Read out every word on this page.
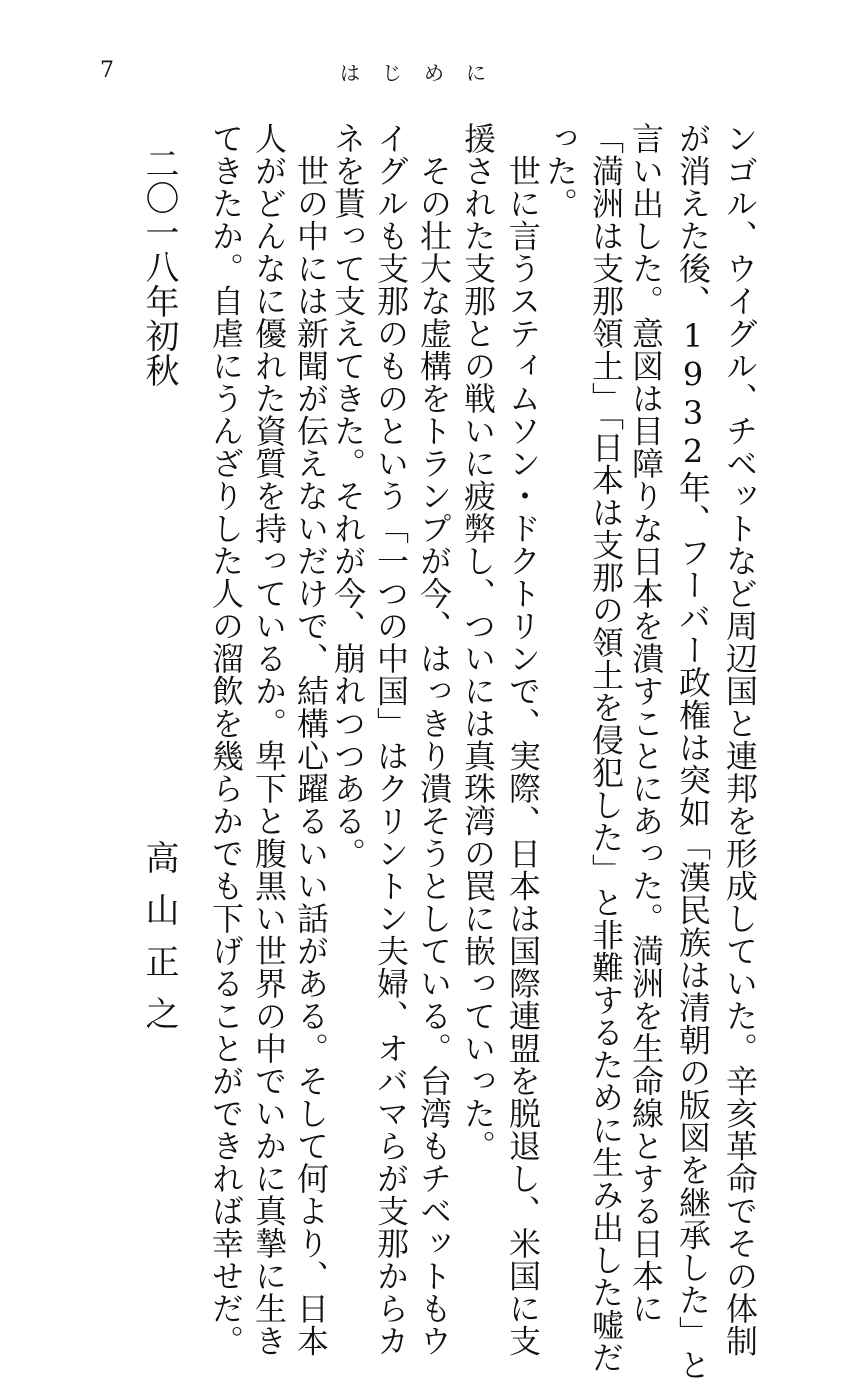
7	はじめに
ンゴル、ウイグル、チベットなど周辺国と連邦を形成していた。辛亥革命でその体制
が消えた後、1932年、フーバー政権は突如「漢民族は清朝の版図を継承した」と
言い出した。意図は目障りな日本を潰すことにあった。満洲を生命線とする日本に
「満洲は支那領土」「日本は支那の領土を侵犯した」と非難するために生み出した嘘だ
った。
　世に言うスティムソン・ドクトリンで、実際、日本は国際連盟を脱退し、米国に支
援された支那との戦いに疲弊し、ついには真珠湾の罠に嵌っていった。
　その壮大な虚構をトランプが今、はっきり潰そうとしている。台湾もチベットもウ
イグルも支那のものという「一つの中国」はクリントン夫婦、オバマらが支那からカ
ネを貰って支えてきた。それが今、崩れつつある。
　世の中には新聞が伝えないだけで、結構心躍るいい話がある。そして何より、日本
人がどんなに優れた資質を持っているか。卑下と腹黒い世界の中でいかに真摯に生き
てきたか。自虐にうんざりした人の溜飲を幾らかでも下げることができれば幸せだ。
二〇一八年初秋
高山正之
